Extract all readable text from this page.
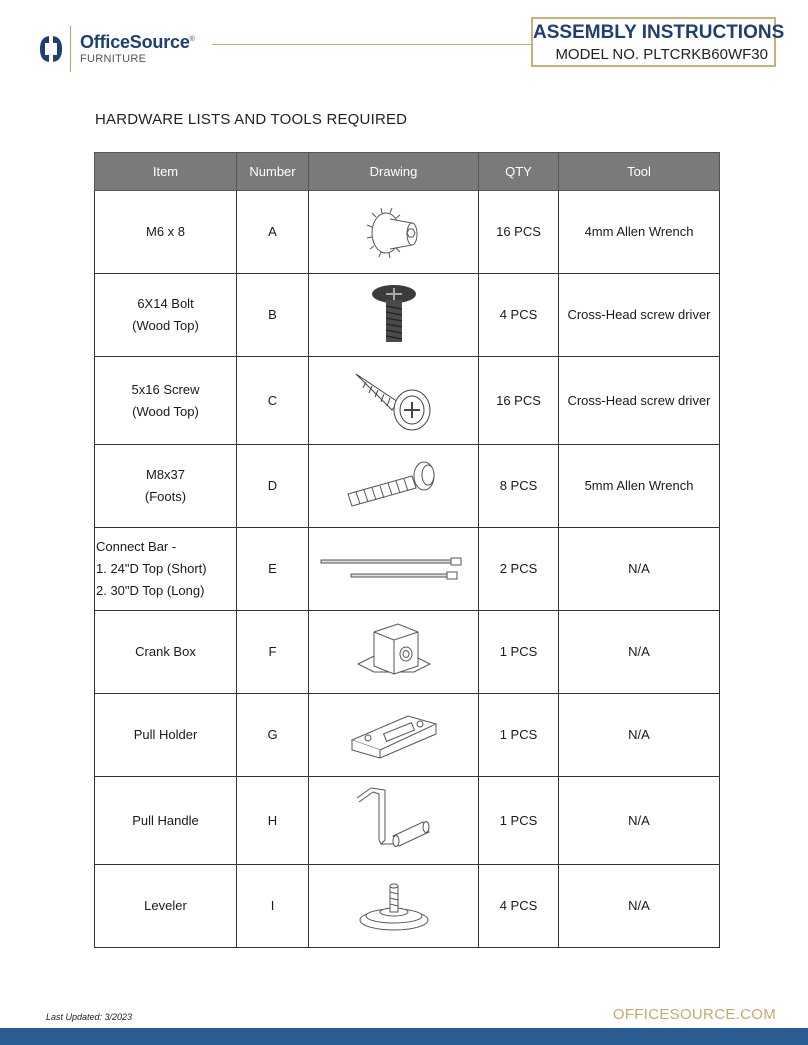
OfficeSource®
FURNITURE
ASSEMBLY INSTRUCTIONS
MODEL NO. PLTCRKB60WF30
HARDWARE LISTS AND TOOLS REQUIRED
Item	Number	Drawing	QTY	Tool

M6 x 8	A		16 PCS	4mm Allen Wrench

6X14 Bolt
(Wood Top)	B		4 PCS	Cross-Head screw driver

5x16 Screw
(Wood Top)	C		16 PCS	Cross-Head screw driver

M8x37
(Foots)	D		8 PCS	5mm Allen Wrench

Connect Bar -
1. 24"D Top (Short)
2. 30"D Top (Long)	E		2 PCS	N/A

Crank Box	F		1 PCS	N/A

Pull Holder	G		1 PCS	N/A

Pull Handle	H		1 PCS	N/A

Leveler	I		4 PCS	N/A
Last Updated: 3/2023	OFFICESOURCE.COM
